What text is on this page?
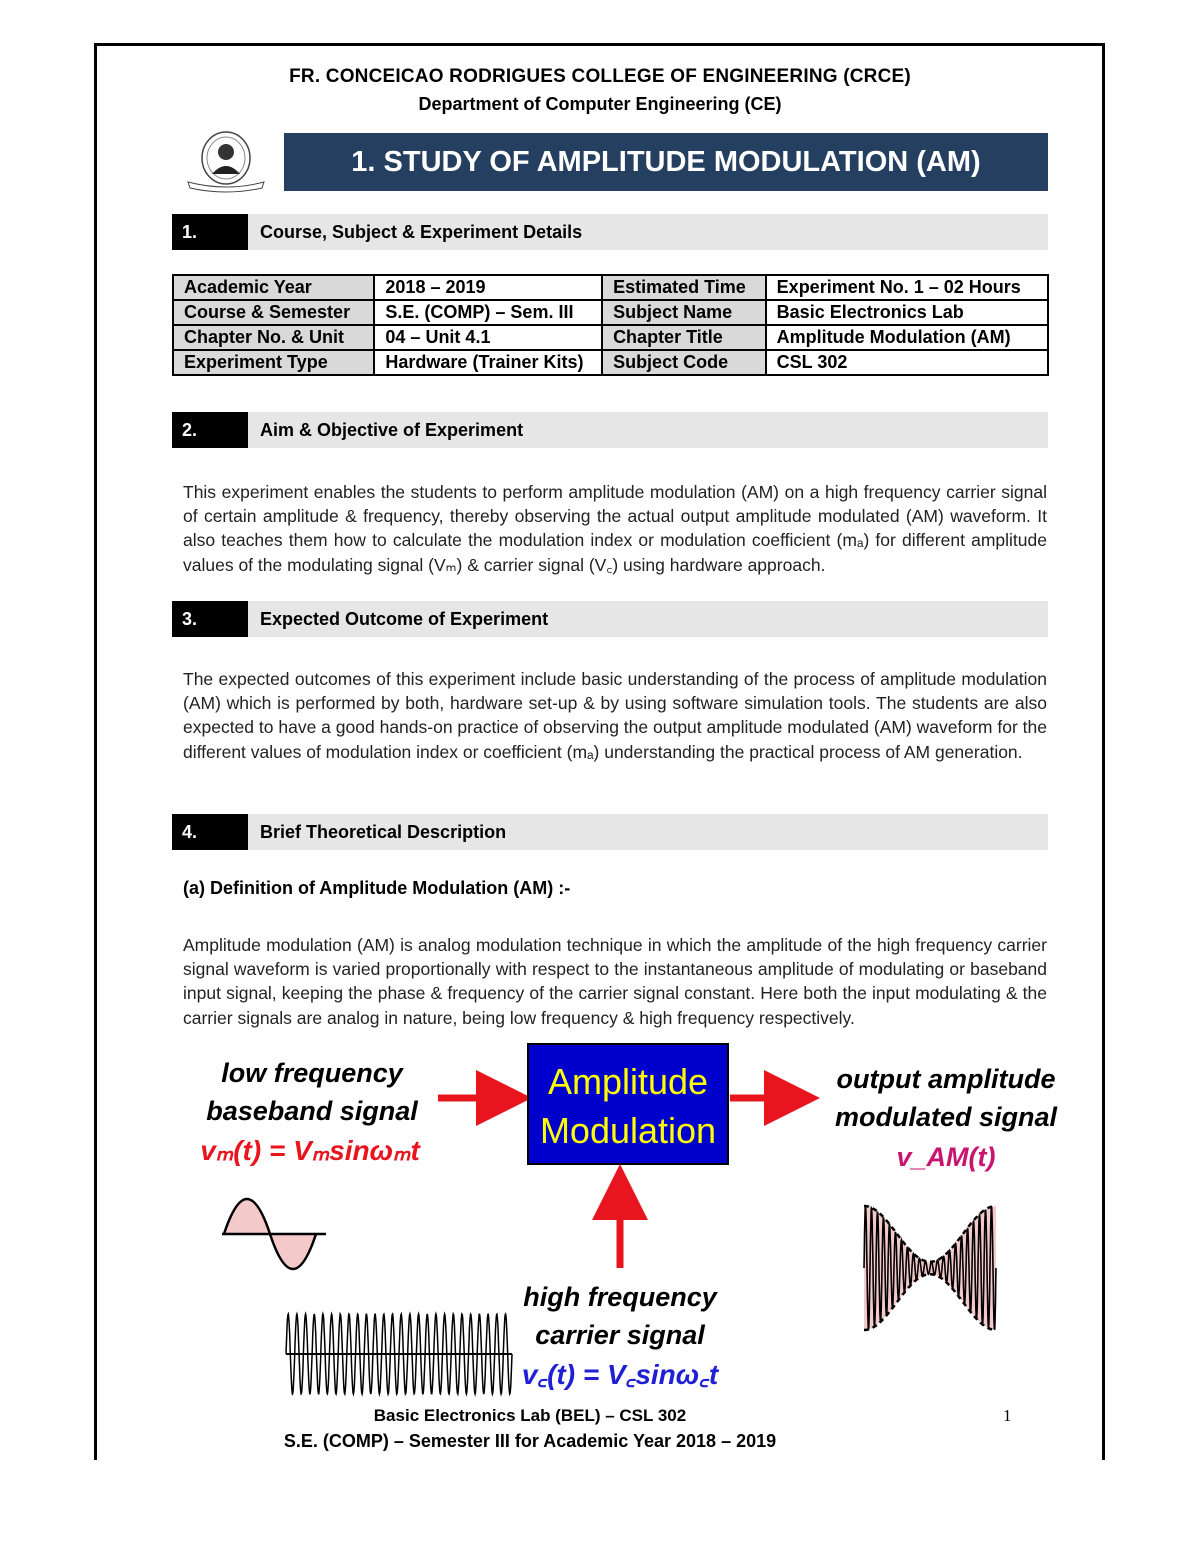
FR. CONCEICAO RODRIGUES COLLEGE OF ENGINEERING (CRCE)
Department of Computer Engineering (CE)
1. STUDY OF AMPLITUDE MODULATION (AM)
1.	Course, Subject & Experiment Details
Academic Year	2018 – 2019	Estimated Time	Experiment No. 1 – 02 Hours
Course & Semester	S.E. (COMP) – Sem. III	Subject Name	Basic Electronics Lab
Chapter No. & Unit	04 – Unit 4.1	Chapter Title	Amplitude Modulation (AM)
Experiment Type	Hardware (Trainer Kits)	Subject Code	CSL 302
2.	Aim & Objective of Experiment
This experiment enables the students to perform amplitude modulation (AM) on a high frequency carrier signal of certain amplitude & frequency, thereby observing the actual output amplitude modulated (AM) waveform. It also teaches them how to calculate the modulation index or modulation coefficient (mₐ) for different amplitude values of the modulating signal (Vₘ) & carrier signal (V꜀) using hardware approach.
3.	Expected Outcome of Experiment
The expected outcomes of this experiment include basic understanding of the process of amplitude modulation (AM) which is performed by both, hardware set-up & by using software simulation tools. The students are also expected to have a good hands-on practice of observing the output amplitude modulated (AM) waveform for the different values of modulation index or coefficient (mₐ) understanding the practical process of AM generation.
4.	Brief Theoretical Description
(a) Definition of Amplitude Modulation (AM) :-
Amplitude modulation (AM) is analog modulation technique in which the amplitude of the high frequency carrier signal waveform is varied proportionally with respect to the instantaneous amplitude of modulating or baseband input signal, keeping the phase & frequency of the carrier signal constant. Here both the input modulating & the carrier signals are analog in nature, being low frequency & high frequency respectively.
low frequency
baseband signal
vₘ(t) = Vₘsinωₘt
Amplitude
Modulation
output amplitude
modulated signal
v_AM(t)
high frequency
carrier signal
v꜀(t) = V꜀sinω꜀t
Basic Electronics Lab (BEL) – CSL 302
S.E. (COMP) – Semester III for Academic Year 2018 – 2019
1
